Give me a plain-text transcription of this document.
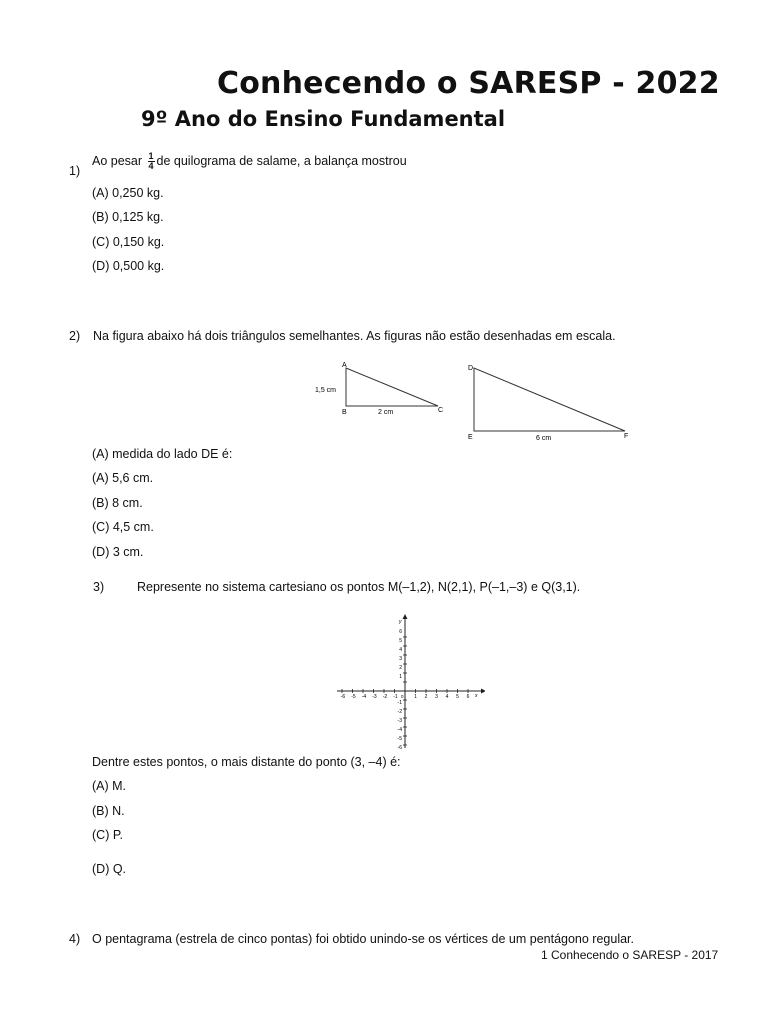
Conhecendo o SARESP - 2022
9º Ano do Ensino Fundamental
1)
Ao pesar $\frac{1}{4}$ de quilograma de salame, a balança mostrou
(A) 0,250 kg.
(B) 0,125 kg.
(C) 0,150 kg.
(D) 0,500 kg.
2) Na figura abaixo há dois triângulos semelhantes. As figuras não estão desenhadas em escala.
A
B	C
1,5 cm
2 cm
D
E	F
6 cm
(A) medida do lado DE é:
(A) 5,6 cm.
(B) 8 cm.
(C) 4,5 cm.
(D) 3 cm.
3)	Represente no sistema cartesiano os pontos M(–1,2), N(2,1), P(–1,–3) e Q(3,1).
y
x
0
-6 -5 -4 -3 -2 -1	1 2 3 4 5 6
6
5
4
3
2
1
-1
-2
-3
-4
-5
-6
Dentre estes pontos, o mais distante do ponto (3, –4) é:
(A) M.
(B) N.
(C) P.
(D) Q.
4) O pentagrama (estrela de cinco pontas) foi obtido unindo-se os vértices de um pentágono regular.
1 Conhecendo o SARESP - 2017
